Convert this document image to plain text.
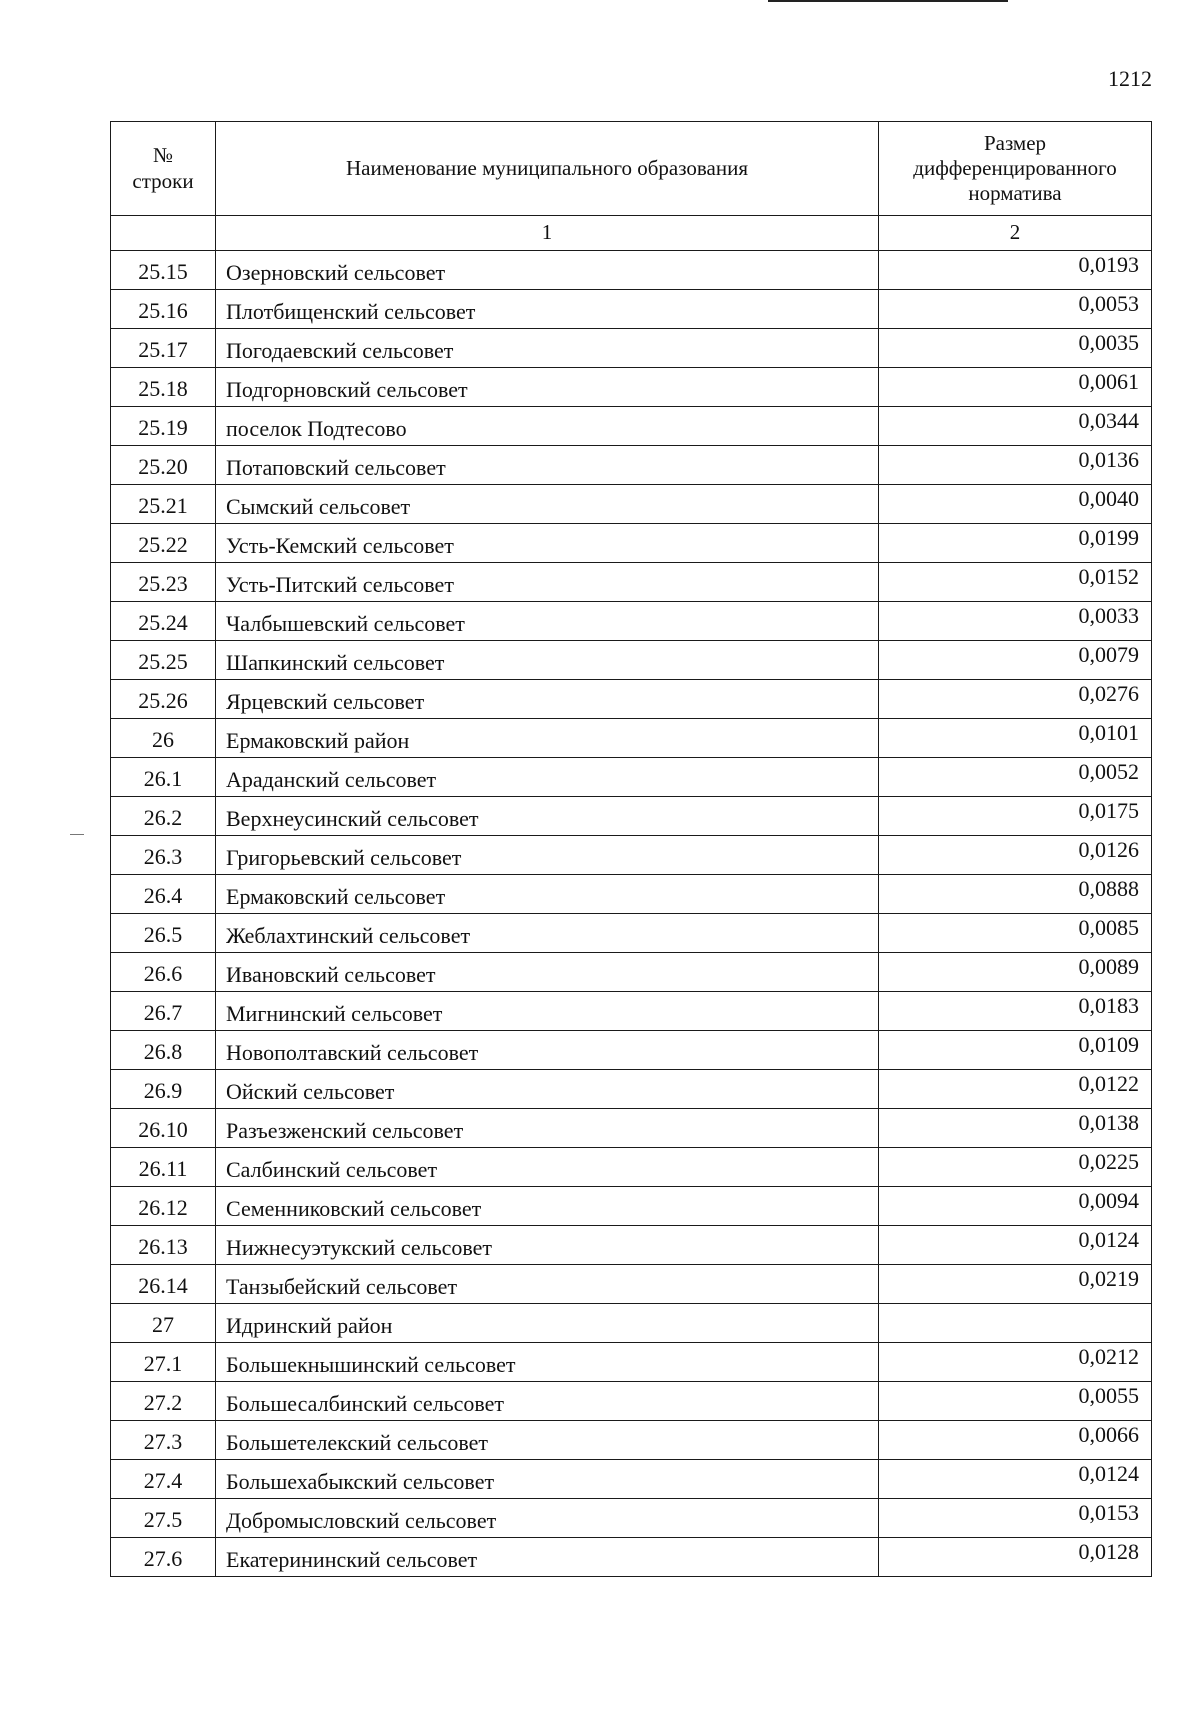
1212
№
строки	Наименование муниципального образования	Размер
дифференцированного
норматива

	1	2
25.15	Озерновский сельсовет	0,0193
25.16	Плотбищенский сельсовет	0,0053
25.17	Погодаевский сельсовет	0,0035
25.18	Подгорновский сельсовет	0,0061
25.19	поселок Подтесово	0,0344
25.20	Потаповский сельсовет	0,0136
25.21	Сымский сельсовет	0,0040
25.22	Усть-Кемский сельсовет	0,0199
25.23	Усть-Питский сельсовет	0,0152
25.24	Чалбышевский сельсовет	0,0033
25.25	Шапкинский сельсовет	0,0079
25.26	Ярцевский сельсовет	0,0276
26	Ермаковский район	0,0101
26.1	Араданский сельсовет	0,0052
26.2	Верхнеусинский сельсовет	0,0175
26.3	Григорьевский сельсовет	0,0126
26.4	Ермаковский сельсовет	0,0888
26.5	Жеблахтинский сельсовет	0,0085
26.6	Ивановский сельсовет	0,0089
26.7	Мигнинский сельсовет	0,0183
26.8	Новополтавский сельсовет	0,0109
26.9	Ойский сельсовет	0,0122
26.10	Разъезженский сельсовет	0,0138
26.11	Салбинский сельсовет	0,0225
26.12	Семенниковский сельсовет	0,0094
26.13	Нижнесуэтукский сельсовет	0,0124
26.14	Танзыбейский сельсовет	0,0219
27	Идринский район	
27.1	Большекнышинский сельсовет	0,0212
27.2	Большесалбинский сельсовет	0,0055
27.3	Большетелекский сельсовет	0,0066
27.4	Большехабыкский сельсовет	0,0124
27.5	Добромысловский сельсовет	0,0153
27.6	Екатерининский сельсовет	0,0128
